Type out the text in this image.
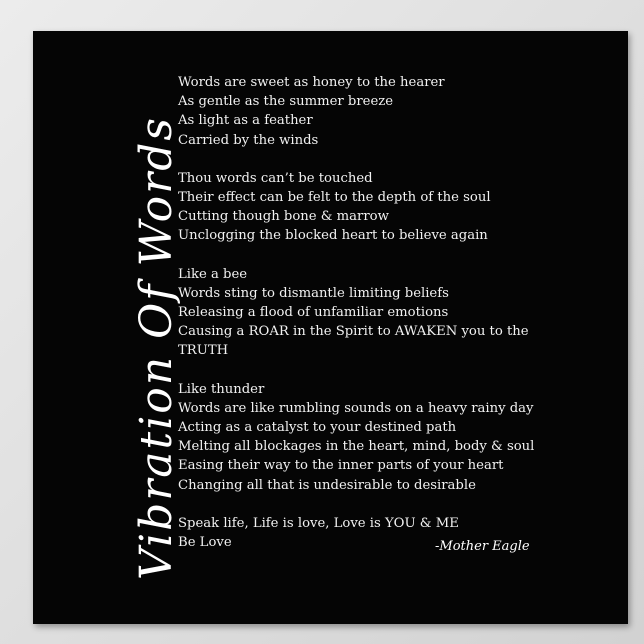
Vibration Of Words
Words are sweet as honey to the hearer
As gentle as the summer breeze
As light as a feather
Carried by the winds
Thou words can’t be touched
Their effect can be felt to the depth of the soul
Cutting though bone & marrow
Unclogging the blocked heart to believe again
Like a bee
Words sting to dismantle limiting beliefs
Releasing a flood of unfamiliar emotions
Causing a ROAR in the Spirit to AWAKEN you to the
TRUTH
Like thunder
Words are like rumbling sounds on a heavy rainy day
Acting as a catalyst to your destined path
Melting all blockages in the heart, mind, body & soul
Easing their way to the inner parts of your heart
Changing all that is undesirable to desirable
Speak life, Life is love, Love is YOU & ME
Be Love	-Mother Eagle
